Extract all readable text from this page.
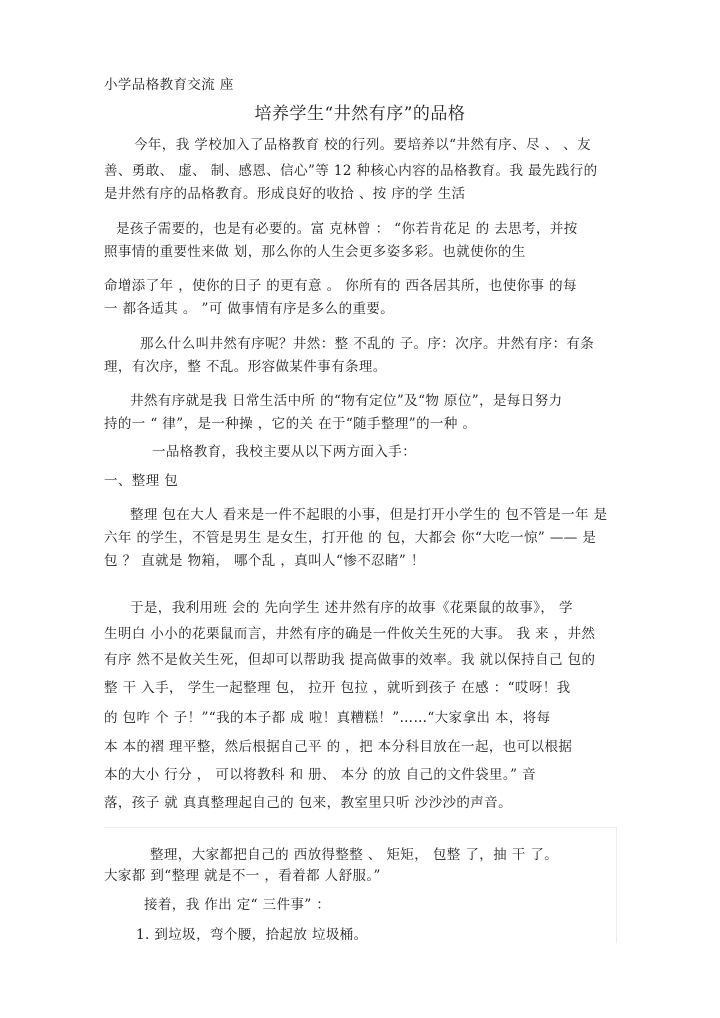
小学品格教育交流 座
培养学生“井然有序”的品格
今年，我 学校加入了品格教育 校的行列。要培养以“井然有序、尽 、 、友
善、勇敢、 虚、 制、感恩、信心”等 12 种核心内容的品格教育。我 最先践行的
是井然有序的品格教育。形成良好的收拾 、按 序的学 生活
是孩子需要的，也是有必要的。富 克林曾 ： “你若肯花足 的 去思考，并按
照事情的重要性来做 划，那么你的人生会更多姿多彩。也就使你的生
命增添了年 ，使你的日子 的更有意 。 你所有的 西各居其所，也使你事 的每
一 都各适其 。 ”可 做事情有序是多么的重要。
那么什么叫井然有序呢？井然：整 不乱的 子。序：次序。井然有序：有条
理，有次序，整 不乱。形容做某件事有条理。
井然有序就是我 日常生活中所 的“物有定位”及“物 原位”，是每日努力
持的一 “ 律”，是一种操 ，它的关 在于“随手整理”的一种 。
一品格教育，我校主要从以下两方面入手：
一、整理 包
整理 包在大人 看来是一件不起眼的小事，但是打开小学生的 包不管是一年 是
六年 的学生，不管是男生 是女生，打开他 的 包，大都会 你“大吃一惊” —— 是
包 ？ 直就是 物箱， 哪个乱 ，真叫人“惨不忍睹” ！
于是，我利用班 会的 先向学生 述井然有序的故事《花栗鼠的故事》， 学
生明白 小小的花栗鼠而言，井然有序的确是一件攸关生死的大事。 我 来 ，井然
有序 然不是攸关生死，但却可以帮助我 提高做事的效率。我 就以保持自己 包的
整 干 入手， 学生一起整理 包， 拉开 包拉 ，就听到孩子 在感 ：“哎呀！我
的 包咋 个 子！”“我的本子都 成 啦！真糟糕！”……“大家拿出 本，将每
本 本的褶 理平整，然后根据自己平 的 ，把 本分科目放在一起，也可以根据
本的大小 行分 ， 可以将教科 和 册、 本分 的放 自己的文件袋里。” 音
落，孩子 就 真真整理起自己的 包来，教室里只听 沙沙沙的声音。
整理，大家都把自己的 西放得整整 、 矩矩， 包整 了，抽 干 了。
大家都 到“整理 就是不一 ，看着都 人舒服。”
接着，我 作出 定“ 三件事” ：
1. 到垃圾，弯个腰，拾起放 垃圾桶。
